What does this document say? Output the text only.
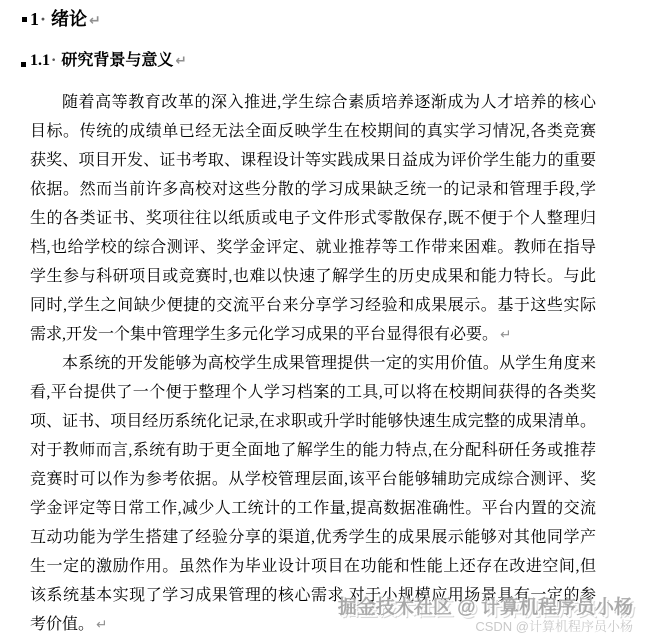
1· 绪论 ↵
1.1· 研究背景与意义 ↵
随着高等教育改革的深入推进,学生综合素质培养逐渐成为人才培养的核心
目标。传统的成绩单已经无法全面反映学生在校期间的真实学习情况,各类竞赛
获奖、项目开发、证书考取、课程设计等实践成果日益成为评价学生能力的重要
依据。然而当前许多高校对这些分散的学习成果缺乏统一的记录和管理手段,学
生的各类证书、奖项往往以纸质或电子文件形式零散保存,既不便于个人整理归
档,也给学校的综合测评、奖学金评定、就业推荐等工作带来困难。教师在指导
学生参与科研项目或竞赛时,也难以快速了解学生的历史成果和能力特长。与此
同时,学生之间缺少便捷的交流平台来分享学习经验和成果展示。基于这些实际
需求,开发一个集中管理学生多元化学习成果的平台显得很有必要。 ↵
本系统的开发能够为高校学生成果管理提供一定的实用价值。从学生角度来
看,平台提供了一个便于整理个人学习档案的工具,可以将在校期间获得的各类奖
项、证书、项目经历系统化记录,在求职或升学时能够快速生成完整的成果清单。
对于教师而言,系统有助于更全面地了解学生的能力特点,在分配科研任务或推荐
竞赛时可以作为参考依据。从学校管理层面,该平台能够辅助完成综合测评、奖
学金评定等日常工作,减少人工统计的工作量,提高数据准确性。平台内置的交流
互动功能为学生搭建了经验分享的渠道,优秀学生的成果展示能够对其他同学产
生一定的激励作用。虽然作为毕业设计项目在功能和性能上还存在改进空间,但
该系统基本实现了学习成果管理的核心需求,对于小规模应用场景具有一定的参
考价值。 ↵
掘金技术社区 @ 计算机程序员小杨
CSDN @计算机程序员小杨
